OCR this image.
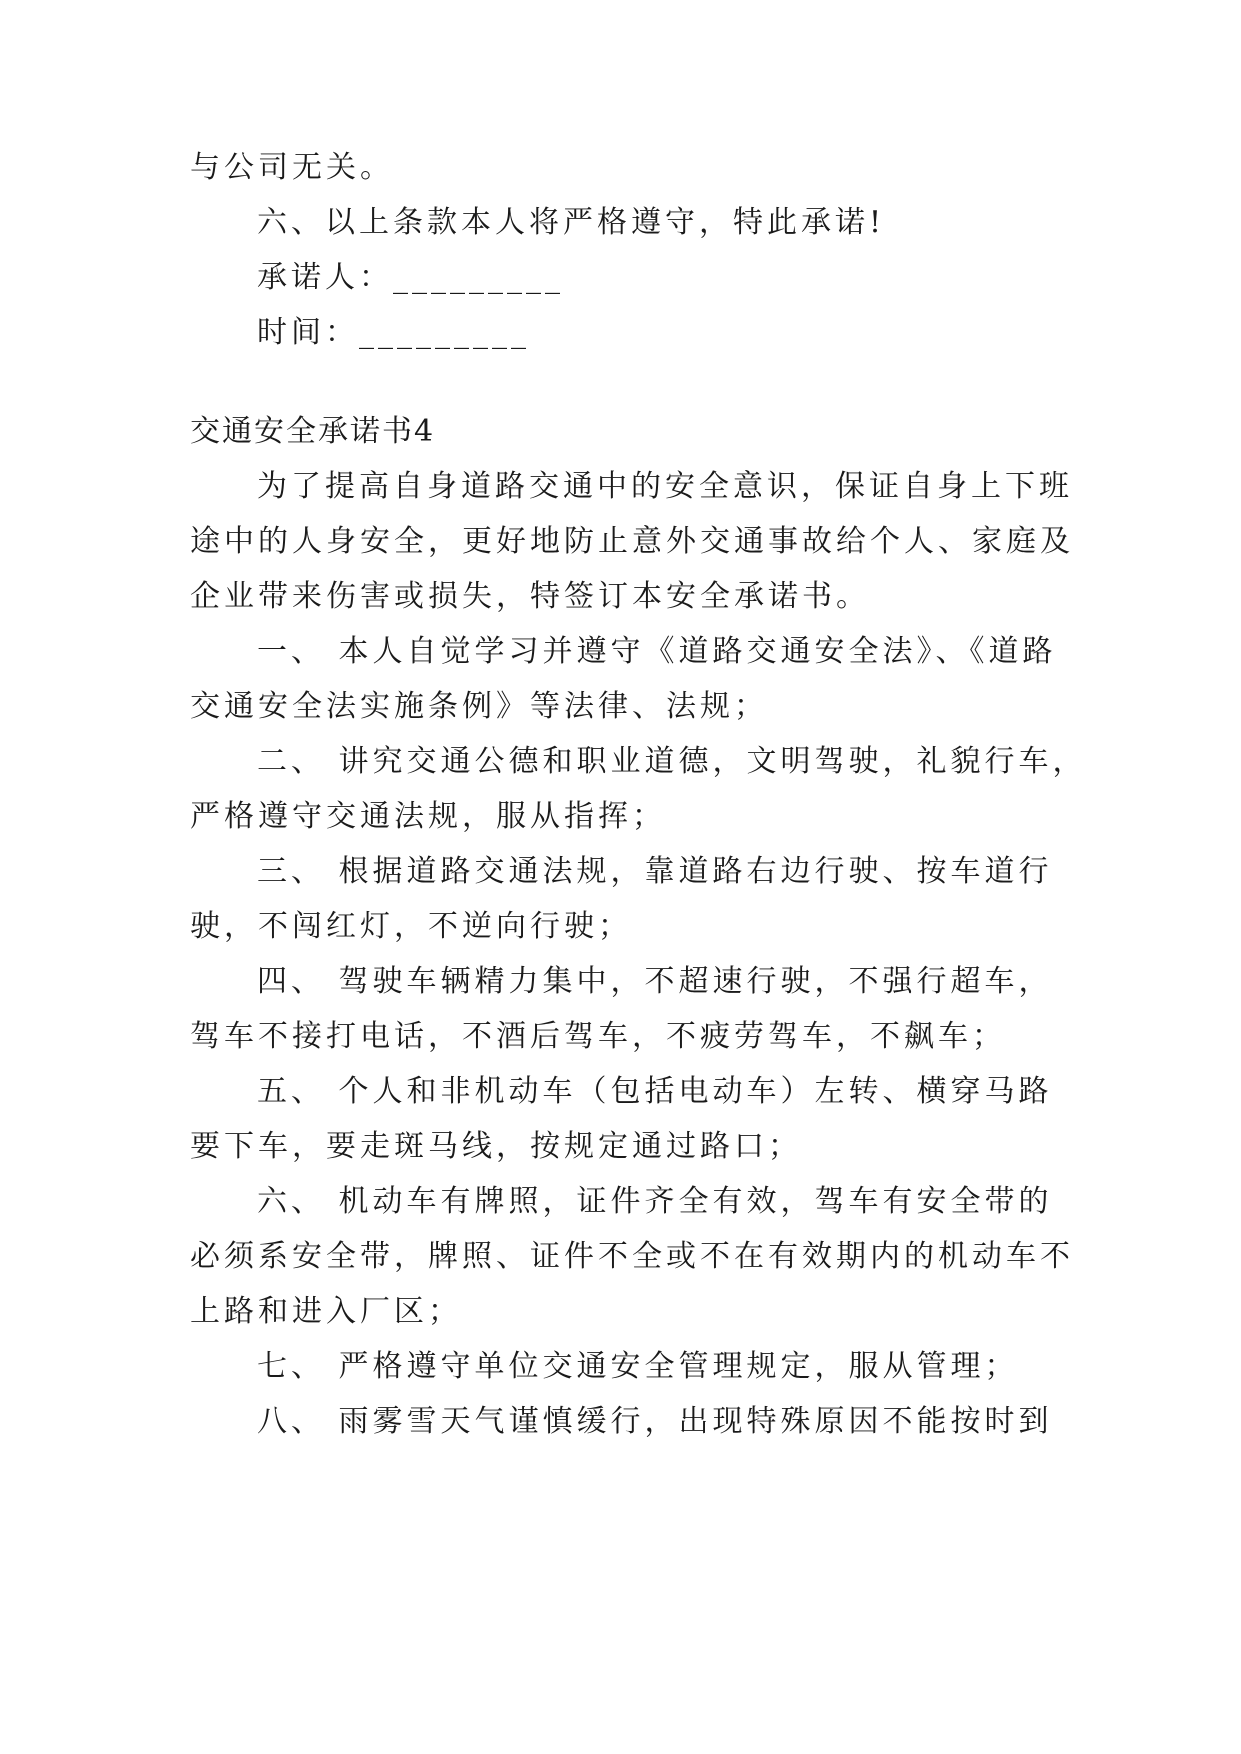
与公司无关。
六、以上条款本人将严格遵守，特此承诺!
承诺人：_________
时间：_________
交通安全承诺书4
为了提高自身道路交通中的安全意识，保证自身上下班
途中的人身安全，更好地防止意外交通事故给个人、家庭及
企业带来伤害或损失，特签订本安全承诺书。
一、 本人自觉学习并遵守《道路交通安全法》、《道路
交通安全法实施条例》等法律、法规；
二、 讲究交通公德和职业道德，文明驾驶，礼貌行车，
严格遵守交通法规，服从指挥；
三、 根据道路交通法规，靠道路右边行驶、按车道行
驶，不闯红灯，不逆向行驶；
四、 驾驶车辆精力集中，不超速行驶，不强行超车，
驾车不接打电话，不酒后驾车，不疲劳驾车，不飙车；
五、 个人和非机动车（包括电动车）左转、横穿马路
要下车，要走斑马线，按规定通过路口；
六、 机动车有牌照，证件齐全有效，驾车有安全带的
必须系安全带，牌照、证件不全或不在有效期内的机动车不
上路和进入厂区；
七、 严格遵守单位交通安全管理规定，服从管理；
八、 雨雾雪天气谨慎缓行，出现特殊原因不能按时到
